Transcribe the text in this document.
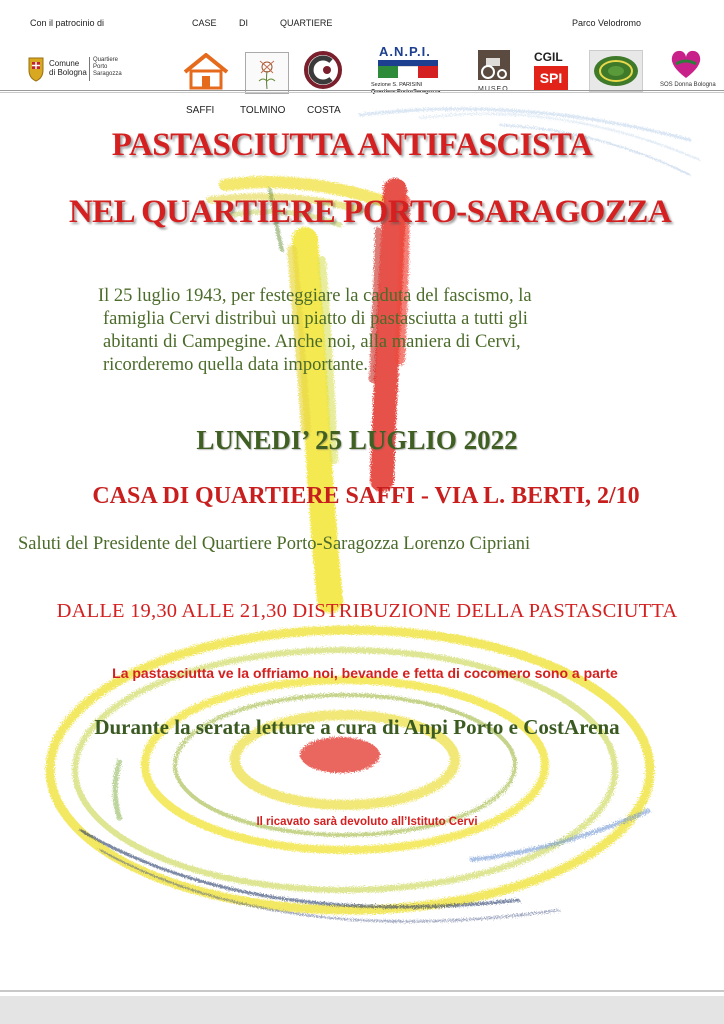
Con il patrocinio di	CASE DI	QUARTIERE	Parco Velodromo
Comune
di Bologna
Quartiere
Porto
Saragozza
SAFFI	TOLMINO COSTA
A.N.P.I.
Sezione S. PARISINI
CGIL
SPI	SOS Donna Bologna
PASTASCIUTTA ANTIFASCISTA
NEL QUARTIERE PORTO-SARAGOZZA
Il 25 luglio 1943, per festeggiare la caduta del fascismo, la
famiglia Cervi distribuì un piatto di pastasciutta a tutti gli
abitanti di Campegine. Anche noi, alla maniera di Cervi,
ricorderemo quella data importante.
LUNEDI’ 25 LUGLIO 2022
CASA DI QUARTIERE SAFFI - VIA L. BERTI, 2/10
Saluti del Presidente del Quartiere Porto-Saragozza Lorenzo Cipriani
DALLE 19,30 ALLE 21,30 DISTRIBUZIONE DELLA PASTASCIUTTA
La pastasciutta ve la offriamo noi, bevande e fetta di cocomero sono a parte
Durante la serata letture a cura di Anpi Porto e CostArena
Il ricavato sarà devoluto all’Istituto Cervi
